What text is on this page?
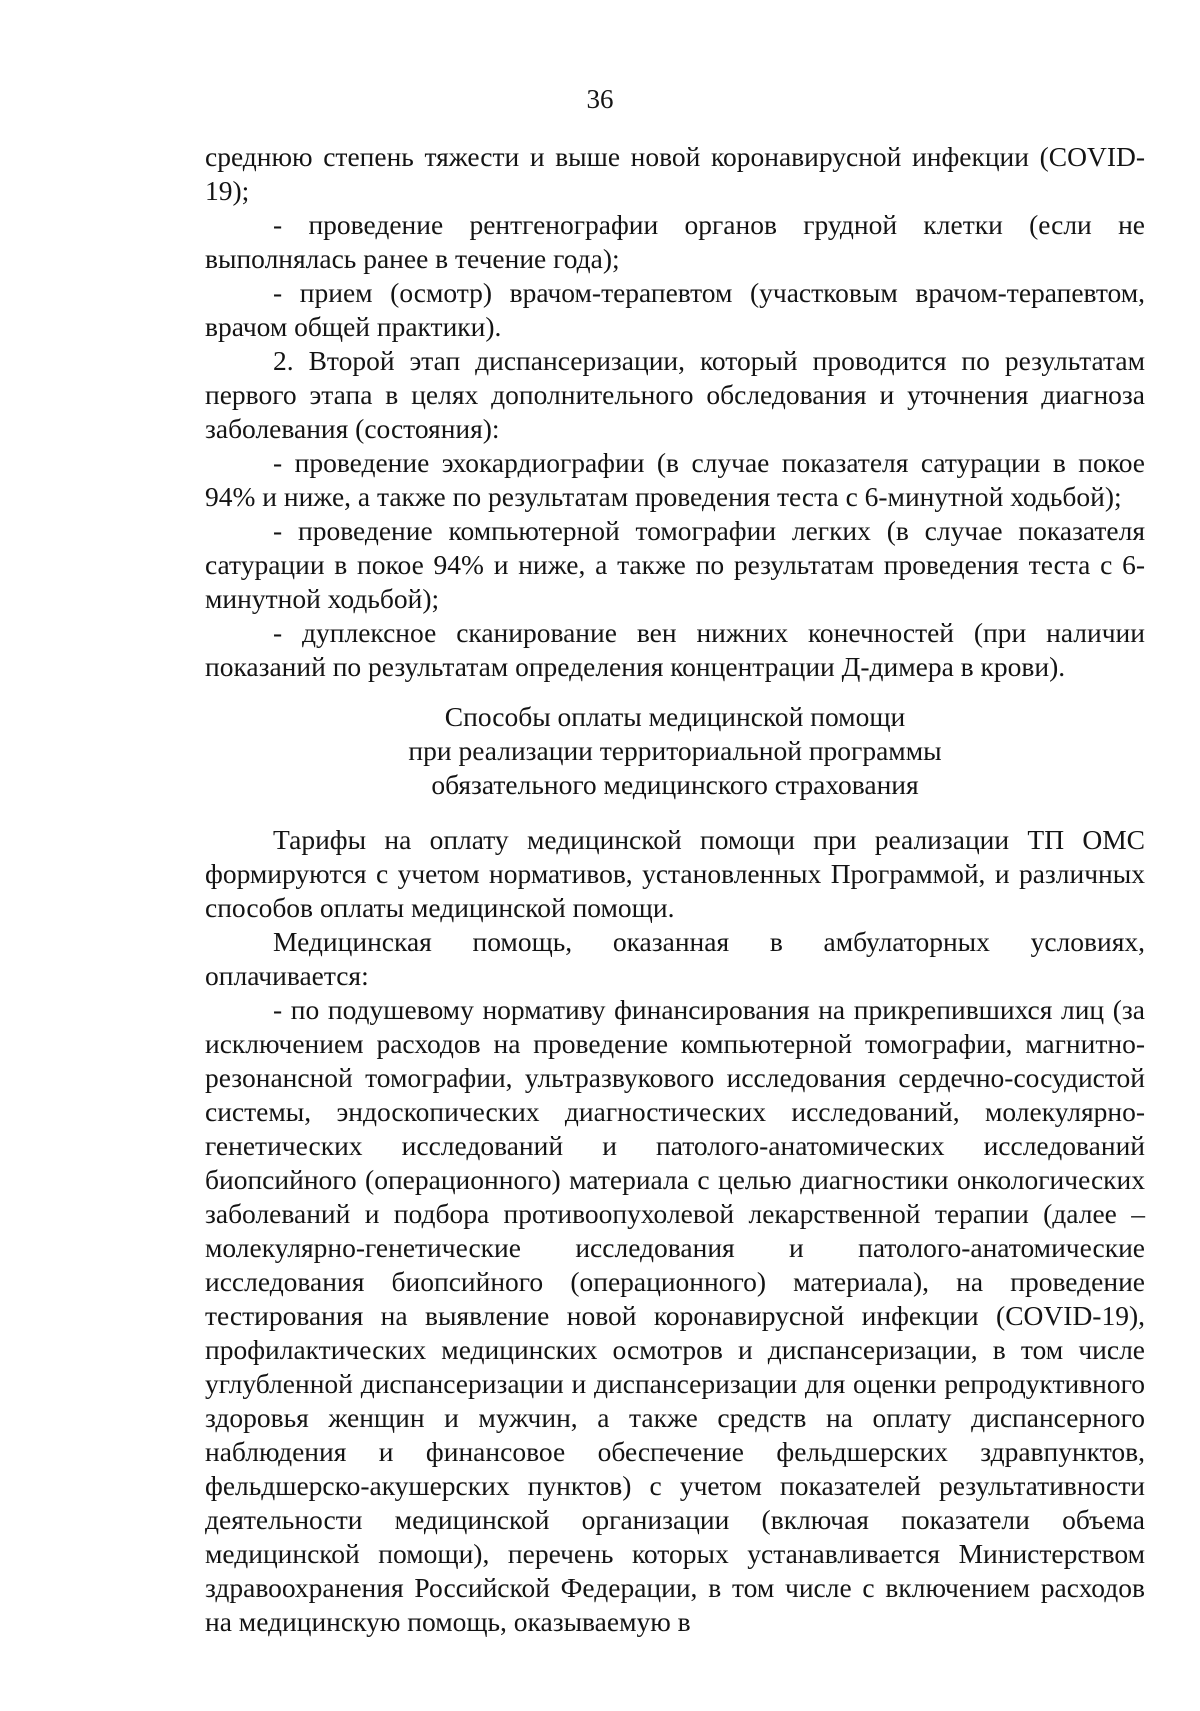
36

среднюю степень тяжести и выше новой коронавирусной инфекции (COVID-19);

- проведение рентгенографии органов грудной клетки (если не выполнялась ранее в течение года);

- прием (осмотр) врачом-терапевтом (участковым врачом-терапевтом, врачом общей практики).

2. Второй этап диспансеризации, который проводится по результатам первого этапа в целях дополнительного обследования и уточнения диагноза заболевания (состояния):

- проведение эхокардиографии (в случае показателя сатурации в покое 94% и ниже, а также по результатам проведения теста с 6-минутной ходьбой);

- проведение компьютерной томографии легких (в случае показателя сатурации в покое 94% и ниже, а также по результатам проведения теста с 6-минутной ходьбой);

- дуплексное сканирование вен нижних конечностей (при наличии показаний по результатам определения концентрации Д-димера в крови).

Способы оплаты медицинской помощи
при реализации территориальной программы
обязательного медицинского страхования

Тарифы на оплату медицинской помощи при реализации ТП ОМС формируются с учетом нормативов, установленных Программой, и различных способов оплаты медицинской помощи.

Медицинская помощь, оказанная в амбулаторных условиях, оплачивается:

- по подушевому нормативу финансирования на прикрепившихся лиц (за исключением расходов на проведение компьютерной томографии, магнитно-резонансной томографии, ультразвукового исследования сердечно-сосудистой системы, эндоскопических диагностических исследований, молекулярно-генетических исследований и патолого-анатомических исследований биопсийного (операционного) материала с целью диагностики онкологических заболеваний и подбора противоопухолевой лекарственной терапии (далее – молекулярно-генетические исследования и патолого-анатомические исследования биопсийного (операционного) материала), на проведение тестирования на выявление новой коронавирусной инфекции (COVID-19), профилактических медицинских осмотров и диспансеризации, в том числе углубленной диспансеризации и диспансеризации для оценки репродуктивного здоровья женщин и мужчин, а также средств на оплату диспансерного наблюдения и финансовое обеспечение фельдшерских здравпунктов, фельдшерско-акушерских пунктов) с учетом показателей результативности деятельности медицинской организации (включая показатели объема медицинской помощи), перечень которых устанавливается Министерством здравоохранения Российской Федерации, в том числе с включением расходов на медицинскую помощь, оказываемую в
